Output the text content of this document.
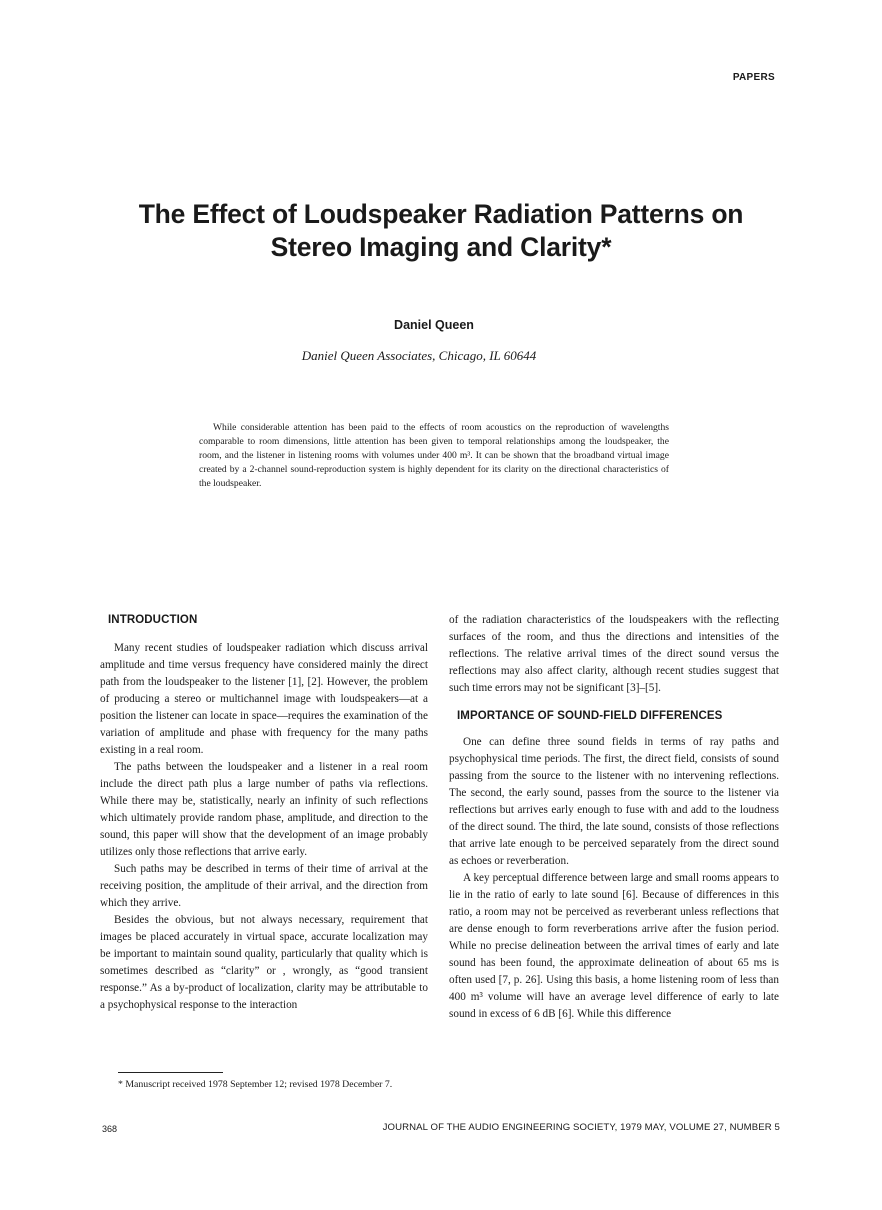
PAPERS
The Effect of Loudspeaker Radiation Patterns on
Stereo Imaging and Clarity*
Daniel Queen
Daniel Queen Associates, Chicago, IL 60644
While considerable attention has been paid to the effects of room acoustics on the reproduction of wavelengths comparable to room dimensions, little attention has been given to temporal relationships among the loudspeaker, the room, and the listener in listening rooms with volumes under 400 m³. It can be shown that the broadband virtual image created by a 2-channel sound-reproduction system is highly dependent for its clarity on the directional characteristics of the loudspeaker.
INTRODUCTION

Many recent studies of loudspeaker radiation which discuss arrival amplitude and time versus frequency have considered mainly the direct path from the loudspeaker to the listener [1], [2]. However, the problem of producing a stereo or multichannel image with loudspeakers—at a position the listener can locate in space—requires the examination of the variation of amplitude and phase with frequency for the many paths existing in a real room.

The paths between the loudspeaker and a listener in a real room include the direct path plus a large number of paths via reflections. While there may be, statistically, nearly an infinity of such reflections which ultimately provide random phase, amplitude, and direction to the sound, this paper will show that the development of an image probably utilizes only those reflections that arrive early.

Such paths may be described in terms of their time of arrival at the receiving position, the amplitude of their arrival, and the direction from which they arrive.

Besides the obvious, but not always necessary, requirement that images be placed accurately in virtual space, accurate localization may be important to maintain sound quality, particularly that quality which is sometimes described as “clarity” or , wrongly, as “good transient response.” As a by-product of localization, clarity may be attributable to a psychophysical response to the interaction

of the radiation characteristics of the loudspeakers with the reflecting surfaces of the room, and thus the directions and intensities of the reflections. The relative arrival times of the direct sound versus the reflections may also affect clarity, although recent studies suggest that such time errors may not be significant [3]–[5].

IMPORTANCE OF SOUND-FIELD DIFFERENCES

One can define three sound fields in terms of ray paths and psychophysical time periods. The first, the direct field, consists of sound passing from the source to the listener with no intervening reflections. The second, the early sound, passes from the source to the listener via reflections but arrives early enough to fuse with and add to the loudness of the direct sound. The third, the late sound, consists of those reflections that arrive late enough to be perceived separately from the direct sound as echoes or reverberation.

A key perceptual difference between large and small rooms appears to lie in the ratio of early to late sound [6]. Because of differences in this ratio, a room may not be perceived as reverberant unless reflections that are dense enough to form reverberations arrive after the fusion period. While no precise delineation between the arrival times of early and late sound has been found, the approximate delineation of about 65 ms is often used [7, p. 26]. Using this basis, a home listening room of less than 400 m³ volume will have an average level difference of early to late sound in excess of 6 dB [6]. While this difference

* Manuscript received 1978 September 12; revised 1978 December 7.
368	JOURNAL OF THE AUDIO ENGINEERING SOCIETY, 1979 MAY, VOLUME 27, NUMBER 5
